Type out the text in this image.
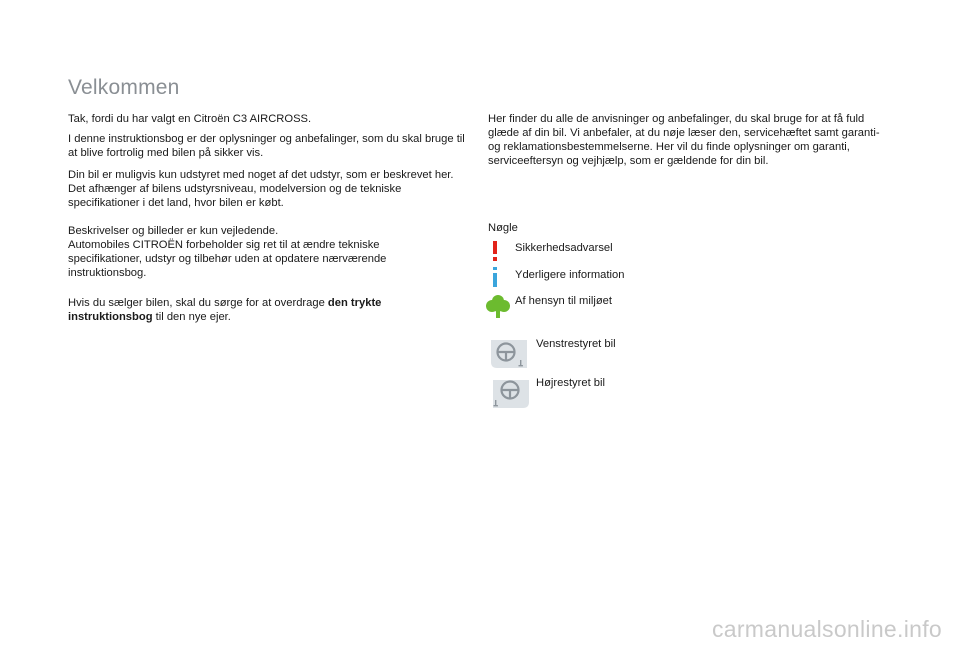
Velkommen

Tak, fordi du har valgt en Citroën C3 AIRCROSS.

I denne instruktionsbog er der oplysninger og anbefalinger, som du skal bruge til at blive fortrolig med bilen på sikker vis.

Din bil er muligvis kun udstyret med noget af det udstyr, som er beskrevet her. Det afhænger af bilens udstyrsniveau, modelversion og de tekniske specifikationer i det land, hvor bilen er købt.

Beskrivelser og billeder er kun vejledende.

Automobiles CITROËN forbeholder sig ret til at ændre tekniske specifikationer, udstyr og tilbehør uden at opdatere nærværende instruktionsbog.

Hvis du sælger bilen, skal du sørge for at overdrage den trykte instruktionsbog til den nye ejer.

Her finder du alle de anvisninger og anbefalinger, du skal bruge for at få fuld glæde af din bil. Vi anbefaler, at du nøje læser den, servicehæftet samt garanti- og reklamationsbestemmelserne. Her vil du finde oplysninger om garanti, serviceeftersyn og vejhjælp, som er gældende for din bil.

Nøgle
Sikkerhedsadvarsel
Yderligere information
Af hensyn til miljøet
Venstrestyret bil
Højrestyret bil
carmanualsonline.info
